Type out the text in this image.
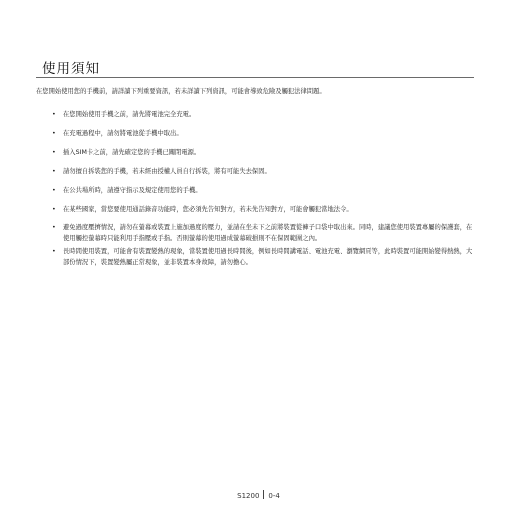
使用須知
在您開始使用您的手機前，請詳讀下列重要資訊，若未詳讀下列資訊，可能會導致危險及觸犯法律問題。
•	在您開始使用手機之前，請先將電池完全充電。
•	在充電過程中，請勿將電池從手機中取出。
•	插入SIM卡之前，請先確定您的手機已關閉電源。
•	請勿擅自拆裝您的手機，若未經由授權人員自行拆裝，將有可能失去保固。
•	在公共場所時，請遵守指示及規定使用您的手機。
•	在某些國家，當您要使用通話錄音功能時，您必須先告知對方，若未先告知對方，可能會觸犯當地法令。
•	避免過度壓擠情況，請勿在螢幕或裝置上施加過度的壓力，並請在坐未下之前將裝置從褲子口袋中取出來。同時，建議您使用裝置專屬的保護套，在使用觸控螢幕時只能利用手指壓或手指。否則螢幕的使用過成螢幕破損則不在保固範圍之內。
•	長時間使用裝置，可能會有裝置變熱的現象，當裝置使用過長時間後，例如長時間講電話、電池充電、瀏覽網頁等，此時裝置可能開始變得熱熱，大部份情況下，裝置變熱屬正常現象，並非裝置本身故障，請勿擔心。
S1200 0-4
